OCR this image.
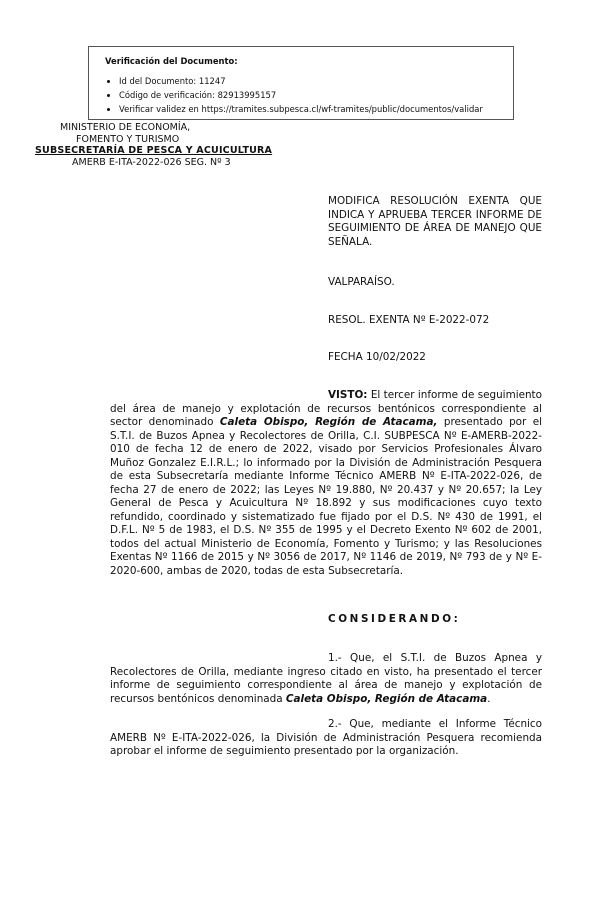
Verificación del Documento:
• Id del Documento: 11247
• Código de verificación: 82913995157
• Verificar validez en https://tramites.subpesca.cl/wf-tramites/public/documentos/validar
MINISTERIO DE ECONOMÍA,
FOMENTO Y TURISMO
SUBSECRETARÍA DE PESCA Y ACUICULTURA
AMERB E-ITA-2022-026 SEG. Nº 3
MODIFICA RESOLUCIÓN EXENTA QUE INDICA Y APRUEBA TERCER INFORME DE SEGUIMIENTO DE ÁREA DE MANEJO QUE SEÑALA.
VALPARAÍSO.
RESOL. EXENTA Nº E-2022-072
FECHA 10/02/2022
VISTO: El tercer informe de seguimiento del área de manejo y explotación de recursos bentónicos correspondiente al sector denominado Caleta Obispo, Región de Atacama, presentado por el S.T.I. de Buzos Apnea y Recolectores de Orilla, C.I. SUBPESCA Nº E-AMERB-2022-010 de fecha 12 de enero de 2022, visado por Servicios Profesionales Álvaro Muñoz Gonzalez E.I.R.L.; lo informado por la División de Administración Pesquera de esta Subsecretaría mediante Informe Técnico AMERB Nº E-ITA-2022-026, de fecha 27 de enero de 2022; las Leyes Nº 19.880, Nº 20.437 y Nº 20.657; la Ley General de Pesca y Acuicultura Nº 18.892 y sus modificaciones cuyo texto refundido, coordinado y sistematizado fue fijado por el D.S. Nº 430 de 1991, el D.F.L. Nº 5 de 1983, el D.S. Nº 355 de 1995 y el Decreto Exento Nº 602 de 2001, todos del actual Ministerio de Economía, Fomento y Turismo; y las Resoluciones Exentas Nº 1166 de 2015 y Nº 3056 de 2017, Nº 1146 de 2019, Nº 793 de y Nº E-2020-600, ambas de 2020, todas de esta Subsecretaría.
CONSIDERANDO:
1.- Que, el S.T.I. de Buzos Apnea y Recolectores de Orilla, mediante ingreso citado en visto, ha presentado el tercer informe de seguimiento correspondiente al área de manejo y explotación de recursos bentónicos denominada Caleta Obispo, Región de Atacama.
2.- Que, mediante el Informe Técnico AMERB Nº E-ITA-2022-026, la División de Administración Pesquera recomienda aprobar el informe de seguimiento presentado por la organización.
